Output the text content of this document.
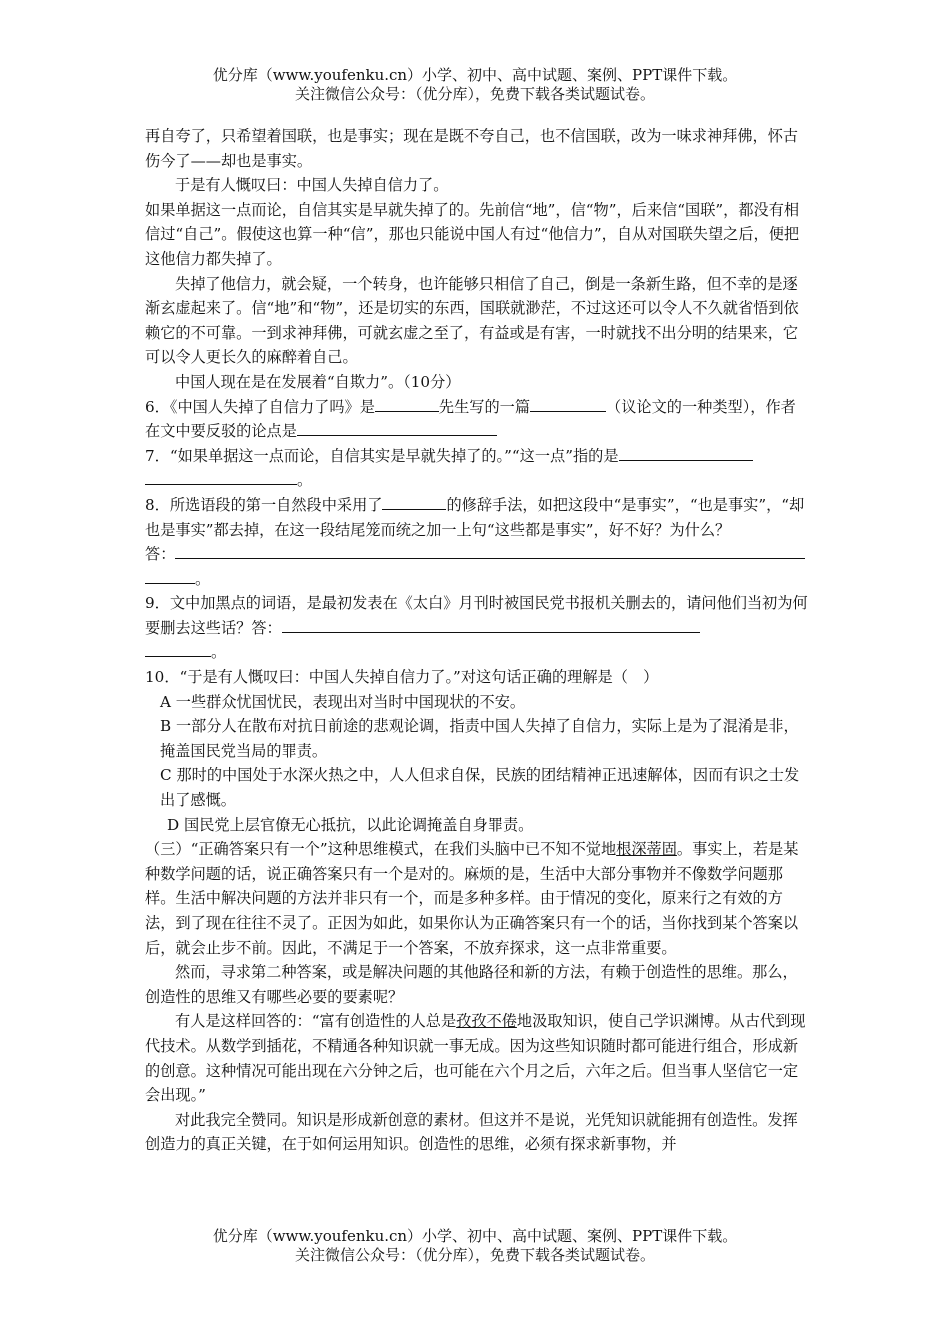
优分库（www.youfenku.cn）小学、初中、高中试题、案例、PPT课件下载。
关注微信公众号：（优分库），免费下载各类试题试卷。

再自夸了，只希望着国联，也是事实；现在是既不夸自己，也不信国联，改为一味求神拜佛，怀古伤今了——却也是事实。

于是有人慨叹曰：中国人失掉自信力了。

如果单据这一点而论，自信其实是早就失掉了的。先前信“地”，信“物”，后来信“国联”，都没有相信过“自己”。假使这也算一种“信”，那也只能说中国人有过“他信力”，自从对国联失望之后，便把这他信力都失掉了。

失掉了他信力，就会疑，一个转身，也许能够只相信了自己，倒是一条新生路，但不幸的是逐渐玄虚起来了。信“地”和“物”，还是切实的东西，国联就渺茫，不过这还可以令人不久就省悟到依赖它的不可靠。一到求神拜佛，可就玄虚之至了，有益或是有害，一时就找不出分明的结果来，它可以令人更长久的麻醉着自己。

中国人现在是在发展着“自欺力”。（10分）

6．《中国人失掉了自信力了吗》是	先生写的一篇	（议论文的一种类型），作者在文中要反驳的论点是

7．“如果单据这一点而论，自信其实是早就失掉了的。”“这一点”指的是
。

8．所选语段的第一自然段中采用了	的修辞手法，如把这段中“是事实”，“也是事实”，“却也是事实”都去掉，在这一段结尾笼而统之加一上句“这些都是事实”，好不好？为什么？

答：
。

9．文中加黑点的词语，是最初发表在《太白》月刊时被国民党书报机关删去的，请问他们当初为何要删去这些话？答：
。

10．“于是有人慨叹曰：中国人失掉自信力了。”对这句话正确的理解是（　）

A 一些群众忧国忧民，表现出对当时中国现状的不安。

B 一部分人在散布对抗日前途的悲观论调，指责中国人失掉了自信力，实际上是为了混淆是非，掩盖国民党当局的罪责。

C 那时的中国处于水深火热之中，人人但求自保，民族的团结精神正迅速解体，因而有识之士发出了感慨。

D 国民党上层官僚无心抵抗，以此论调掩盖自身罪责。

（三）“正确答案只有一个”这种思维模式，在我们头脑中已不知不觉地根深蒂固。事实上，若是某种数学问题的话，说正确答案只有一个是对的。麻烦的是，生活中大部分事物并不像数学问题那样。生活中解决问题的方法并非只有一个，而是多种多样。由于情况的变化，原来行之有效的方法，到了现在往往不灵了。正因为如此，如果你认为正确答案只有一个的话，当你找到某个答案以后，就会止步不前。因此，不满足于一个答案，不放弃探求，这一点非常重要。

然而，寻求第二种答案，或是解决问题的其他路径和新的方法，有赖于创造性的思维。那么，创造性的思维又有哪些必要的要素呢？

有人是这样回答的：“富有创造性的人总是孜孜不倦地汲取知识，使自己学识渊博。从古代到现代技术。从数学到插花，不精通各种知识就一事无成。因为这些知识随时都可能进行组合，形成新的创意。这种情况可能出现在六分钟之后，也可能在六个月之后，六年之后。但当事人坚信它一定会出现。”

对此我完全赞同。知识是形成新创意的素材。但这并不是说，光凭知识就能拥有创造性。发挥创造力的真正关键，在于如何运用知识。创造性的思维，必须有探求新事物，并

优分库（www.youfenku.cn）小学、初中、高中试题、案例、PPT课件下载。
关注微信公众号：（优分库），免费下载各类试题试卷。
